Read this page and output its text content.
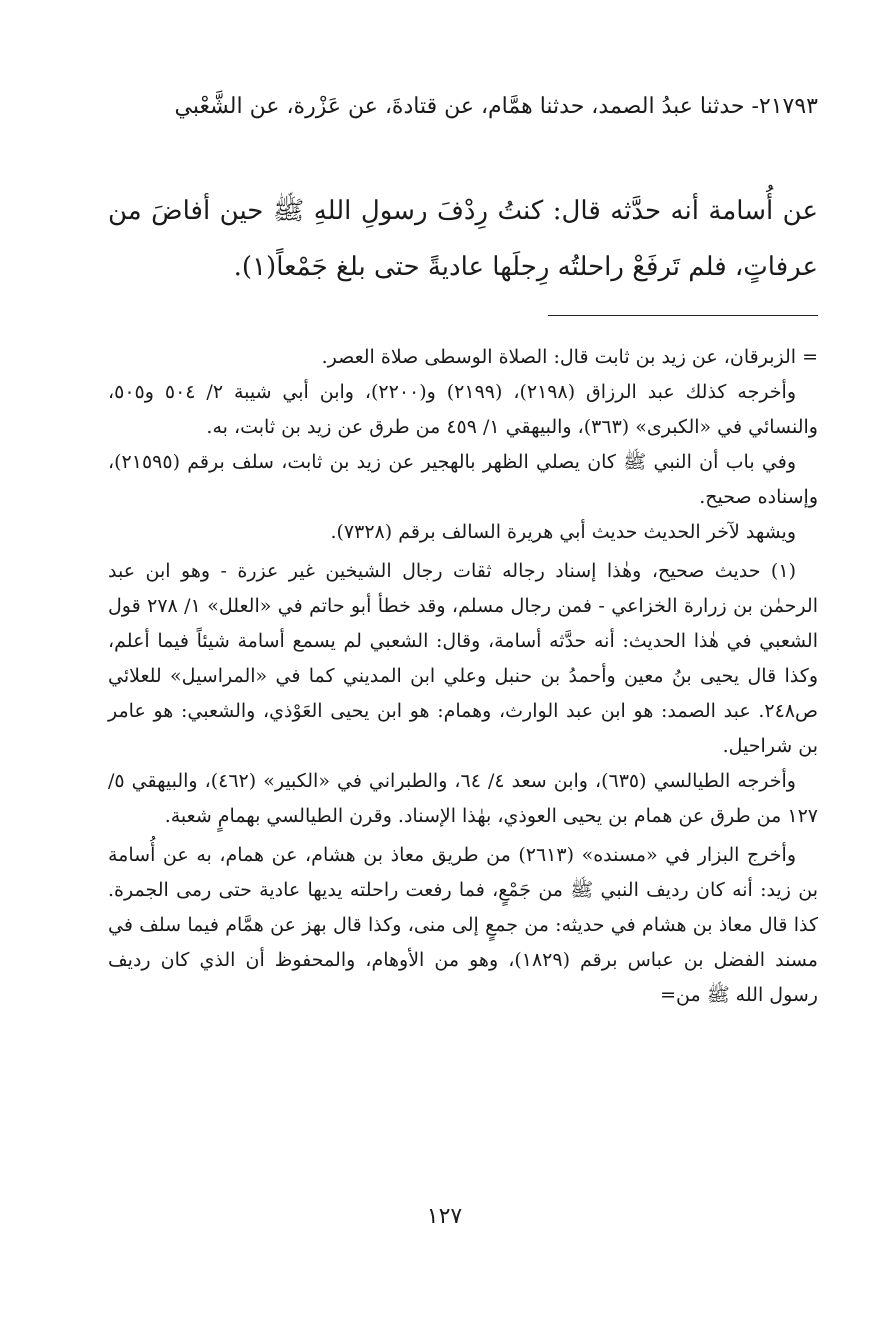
٢١٧٩٣- حدثنا عبدُ الصمد، حدثنا همَّام، عن قتادةَ، عن عَزْرة، عن الشَّعْبي
عن أُسامة أنه حدَّثه قال: كنتُ رِدْفَ رسولِ اللهِ ﷺ حين أفاضَ من عرفاتٍ، فلم تَرفَعْ راحلتُه رِجلَها عاديةً حتى بلغ جَمْعاً(١).

= الزبرقان، عن زيد بن ثابت قال: الصلاة الوسطى صلاة العصر.

وأخرجه كذلك عبد الرزاق (٢١٩٨)، (٢١٩٩) و(٢٢٠٠)، وابن أبي شيبة ٢/ ٥٠٤ و٥٠٥، والنسائي في «الكبرى» (٣٦٣)، والبيهقي ١/ ٤٥٩ من طرق عن زيد بن ثابت، به.

وفي باب أن النبي ﷺ كان يصلي الظهر بالهجير عن زيد بن ثابت، سلف برقم (٢١٥٩٥)، وإسناده صحيح.

ويشهد لآخر الحديث حديث أبي هريرة السالف برقم (٧٣٢٨).

(١) حديث صحيح، وهٰذا إسناد رجاله ثقات رجال الشيخين غير عزرة - وهو ابن عبد الرحمٰن بن زرارة الخزاعي - فمن رجال مسلم، وقد خطأ أبو حاتم في «العلل» ١/ ٢٧٨ قول الشعبي في هٰذا الحديث: أنه حدَّثه أسامة، وقال: الشعبي لم يسمع أسامة شيئاً فيما أعلم، وكذا قال يحيى بنُ معين وأحمدُ بن حنبل وعلي ابن المديني كما في «المراسيل» للعلائي ص٢٤٨. عبد الصمد: هو ابن عبد الوارث، وهمام: هو ابن يحيى العَوْذي، والشعبي: هو عامر بن شراحيل.

وأخرجه الطيالسي (٦٣٥)، وابن سعد ٤/ ٦٤، والطبراني في «الكبير» (٤٦٢)، والبيهقي ٥/ ١٢٧ من طرق عن همام بن يحيى العوذي، بهٰذا الإسناد. وقرن الطيالسي بهمامٍ شعبة.

وأخرج البزار في «مسنده» (٢٦١٣) من طريق معاذ بن هشام، عن همام، به عن أُسامة بن زيد: أنه كان رديف النبي ﷺ من جَمْعٍ، فما رفعت راحلته يديها عادية حتى رمى الجمرة. كذا قال معاذ بن هشام في حديثه: من جمعٍ إلى منى، وكذا قال بهز عن همَّام فيما سلف في مسند الفضل بن عباس برقم (١٨٢٩)، وهو من الأوهام، والمحفوظ أن الذي كان رديف رسول الله ﷺ من=

١٢٧
